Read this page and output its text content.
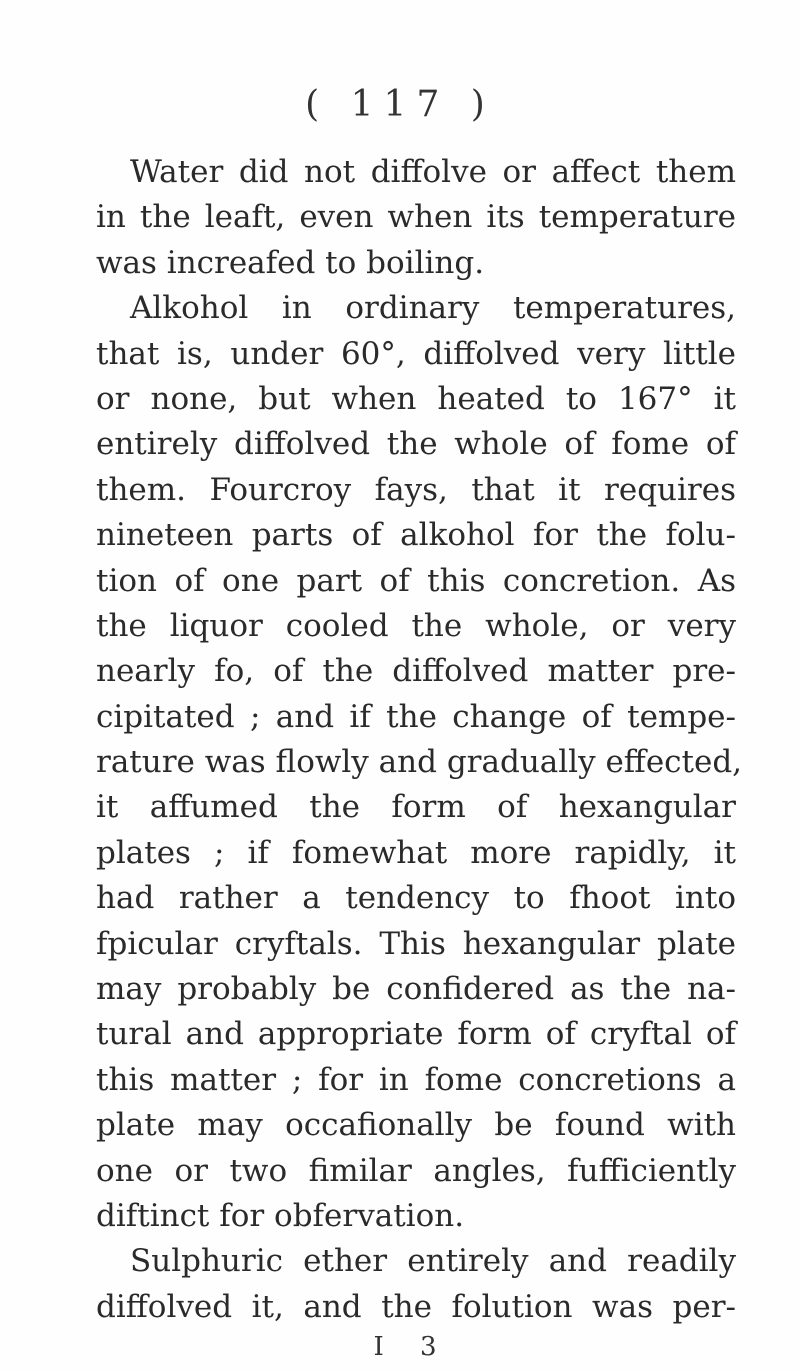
( 117 )
Water did not diffolve or affect them
in the leaft, even when its temperature
was increafed to boiling.
Alkohol in ordinary temperatures,
that is, under 60°, diffolved very little
or none, but when heated to 167° it
entirely diffolved the whole of fome of
them. Fourcroy fays, that it requires
nineteen parts of alkohol for the folu-
tion of one part of this concretion. As
the liquor cooled the whole, or very
nearly fo, of the diffolved matter pre-
cipitated ; and if the change of tempe-
rature was flowly and gradually effected,
it affumed the form of hexangular
plates ; if fomewhat more rapidly, it
had rather a tendency to fhoot into
fpicular cryftals. This hexangular plate
may probably be confidered as the na-
tural and appropriate form of cryftal of
this matter ; for in fome concretions a
plate may occafionally be found with
one or two fimilar angles, fufficiently
diftinct for obfervation.
Sulphuric ether entirely and readily
diffolved it, and the folution was per-
I 3
